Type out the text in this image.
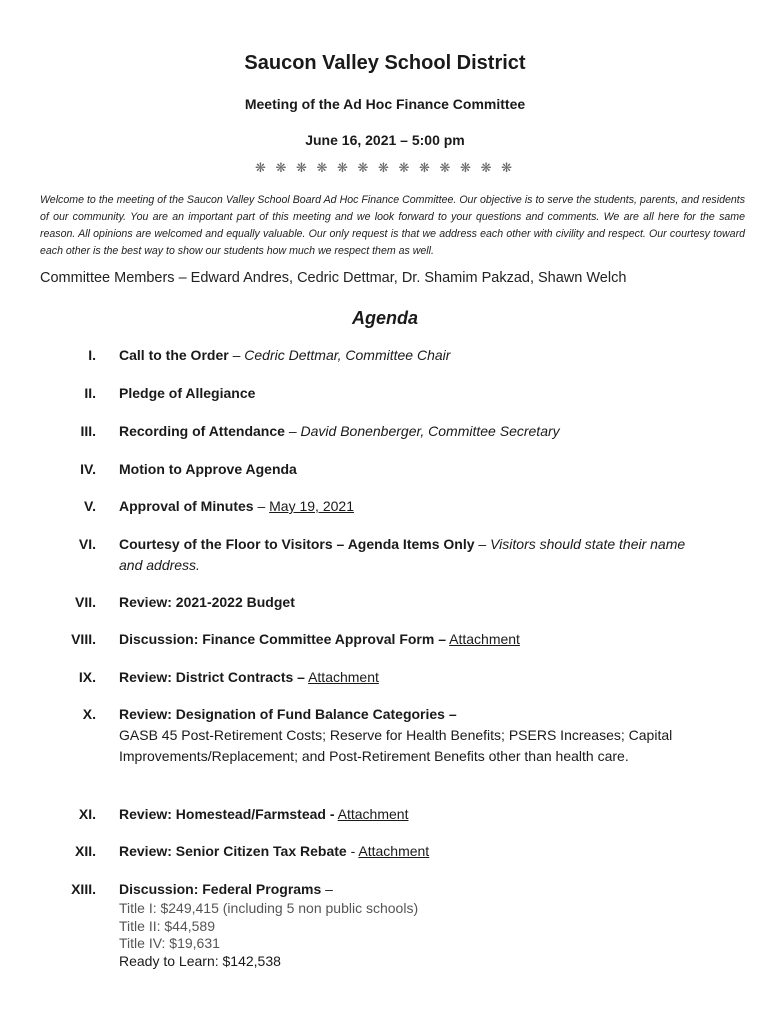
Saucon Valley School District
Meeting of the Ad Hoc Finance Committee
June 16, 2021 – 5:00 pm
❋ ❋ ❋ ❋ ❋ ❋ ❋ ❋ ❋ ❋ ❋ ❋ ❋
Welcome to the meeting of the Saucon Valley School Board Ad Hoc Finance Committee. Our objective is to serve the students, parents, and residents of our community. You are an important part of this meeting and we look forward to your questions and comments. We are all here for the same reason. All opinions are welcomed and equally valuable. Our only request is that we address each other with civility and respect. Our courtesy toward each other is the best way to show our students how much we respect them as well.
Committee Members – Edward Andres, Cedric Dettmar, Dr. Shamim Pakzad, Shawn Welch
Agenda
I. Call to the Order – Cedric Dettmar, Committee Chair
II. Pledge of Allegiance
III. Recording of Attendance – David Bonenberger, Committee Secretary
IV. Motion to Approve Agenda
V. Approval of Minutes – May 19, 2021
VI. Courtesy of the Floor to Visitors – Agenda Items Only – Visitors should state their name and address.
VII. Review: 2021-2022 Budget
VIII. Discussion: Finance Committee Approval Form – Attachment
IX. Review: District Contracts – Attachment
X. Review: Designation of Fund Balance Categories –
GASB 45 Post-Retirement Costs; Reserve for Health Benefits; PSERS Increases; Capital Improvements/Replacement; and Post-Retirement Benefits other than health care.
XI. Review: Homestead/Farmstead - Attachment
XII. Review: Senior Citizen Tax Rebate - Attachment
XIII. Discussion: Federal Programs –
Title I: $249,415 (including 5 non public schools)
Title II: $44,589
Title IV: $19,631
Ready to Learn: $142,538
